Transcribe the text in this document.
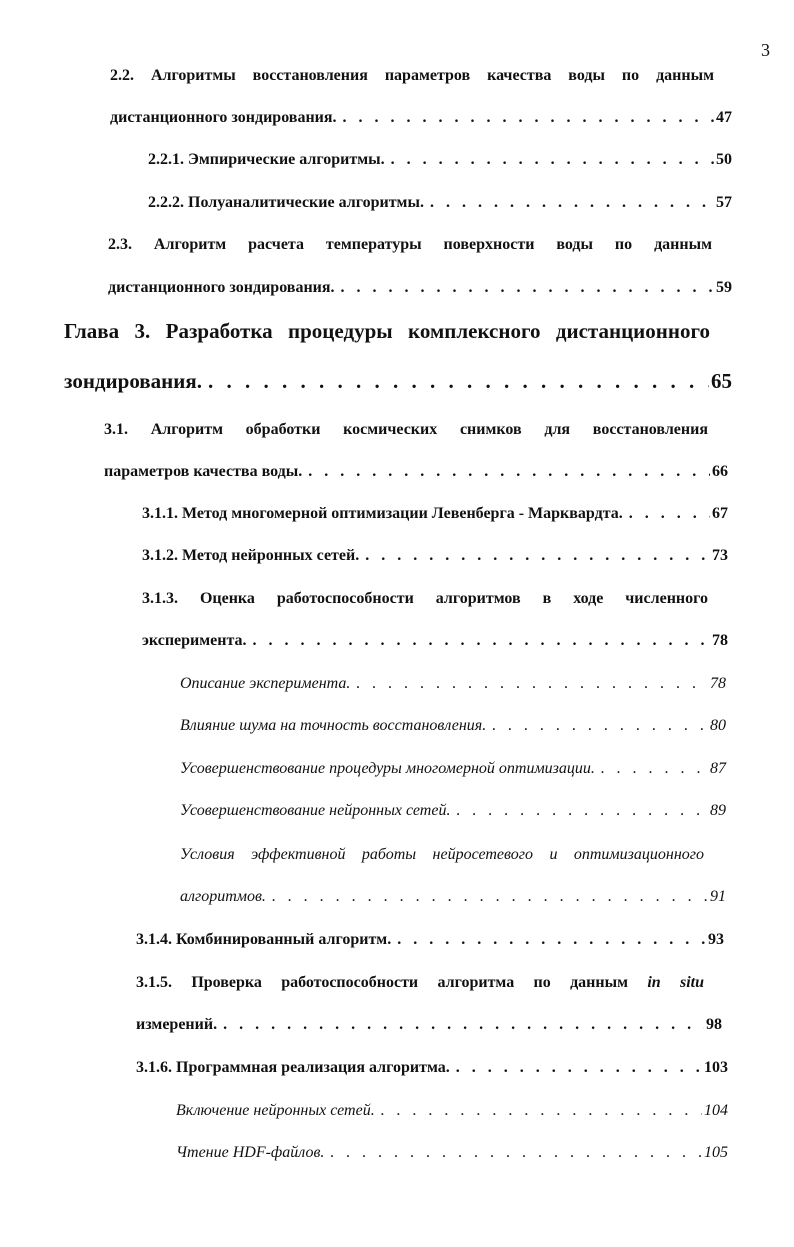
3
2.2. Алгоритмы восстановления параметров качества воды по данным
дистанционного зондирования. . . .	47
2.2.1. Эмпирические алгоритмы. . . .	50
2.2.2. Полуаналитические алгоритмы. . . .	57
2.3. Алгоритм расчета температуры поверхности воды по данным
дистанционного зондирования. . . .	59
Глава 3. Разработка процедуры комплексного дистанционного
зондирования. . . .	65
3.1. Алгоритм обработки космических снимков для восстановления
параметров качества воды. . . .	66
3.1.1. Метод многомерной оптимизации Левенберга - Марквардта. . . .	67
3.1.2. Метод нейронных сетей. . . .	73
3.1.3. Оценка работоспособности алгоритмов в ходе численного
эксперимента. . . .	78
Описание эксперимента. . . .	78
Влияние шума на точность восстановления. . . .	80
Усовершенствование процедуры многомерной оптимизации. . . .	87
Усовершенствование нейронных сетей. . . .	89
Условия эффективной работы нейросетевого и оптимизационного
алгоритмов. . . .	91
3.1.4. Комбинированный алгоритм. . . .	93
3.1.5. Проверка работоспособности алгоритма по данным in situ
измерений. . . .	98
3.1.6. Программная реализация алгоритма. . . .	103
Включение нейронных сетей. . . .	104
Чтение HDF-файлов. . . .	105
